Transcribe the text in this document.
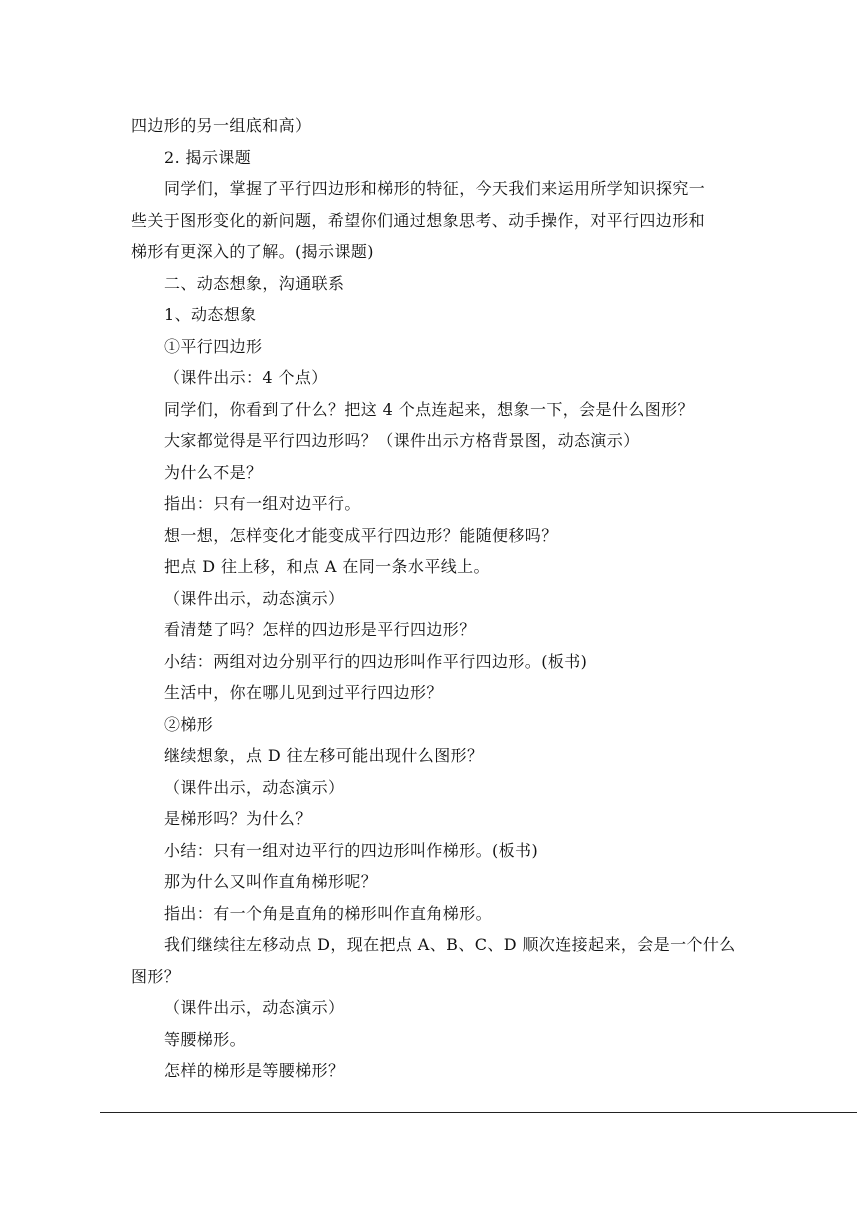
四边形的另一组底和高）
2. 揭示课题
同学们，掌握了平行四边形和梯形的特征，今天我们来运用所学知识探究一
些关于图形变化的新问题，希望你们通过想象思考、动手操作，对平行四边形和
梯形有更深入的了解。(揭示课题)
二、动态想象，沟通联系
1、动态想象
①平行四边形
（课件出示：4 个点）
同学们，你看到了什么？把这 4 个点连起来，想象一下，会是什么图形？
大家都觉得是平行四边形吗？（课件出示方格背景图，动态演示）
为什么不是？
指出：只有一组对边平行。
想一想，怎样变化才能变成平行四边形？能随便移吗？
把点 D 往上移，和点 A 在同一条水平线上。
（课件出示，动态演示）
看清楚了吗？怎样的四边形是平行四边形？
小结：两组对边分别平行的四边形叫作平行四边形。(板书)
生活中，你在哪儿见到过平行四边形？
②梯形
继续想象，点 D 往左移可能出现什么图形？
（课件出示，动态演示）
是梯形吗？为什么？
小结：只有一组对边平行的四边形叫作梯形。(板书)
那为什么又叫作直角梯形呢？
指出：有一个角是直角的梯形叫作直角梯形。
我们继续往左移动点 D，现在把点 A、B、C、D 顺次连接起来，会是一个什么
图形？
（课件出示，动态演示）
等腰梯形。
怎样的梯形是等腰梯形？
